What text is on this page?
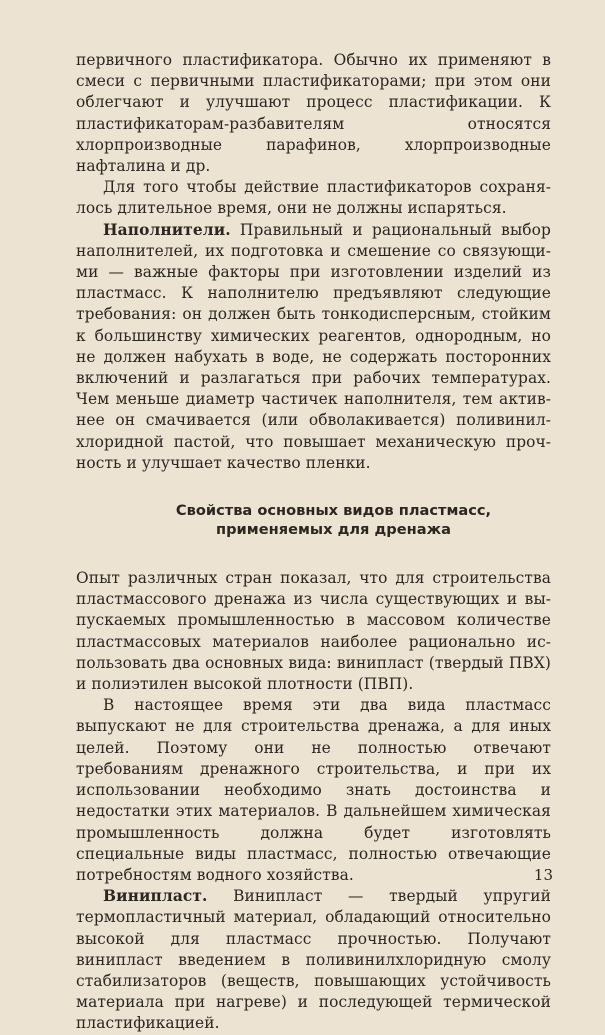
первичного пластификатора. Обычно их применяют в смеси с первичными пластификаторами; при этом они облегчают и улучшают процесс пластификации. К пластификаторам-разбавителям относятся хлорпроизводные парафинов, хлорпроизводные нафталина и др.

Для того чтобы действие пластификаторов сохранялось длительное время, они не должны испаряться.

Наполнители. Правильный и рациональный выбор наполнителей, их подготовка и смешение со связующими — важные факторы при изготовлении изделий из пластмасс. К наполнителю предъявляют следующие требования: он должен быть тонкодисперсным, стойким к большинству химических реагентов, однородным, но не должен набухать в воде, не содержать посторонних включений и разлагаться при рабочих температурах. Чем меньше диаметр частичек наполнителя, тем активнее он смачивается (или обволакивается) поливинилхлоридной пастой, что повышает механическую прочность и улучшает качество пленки.

Свойства основных видов пластмасс,
применяемых для дренажа

Опыт различных стран показал, что для строительства пластмассового дренажа из числа существующих и выпускаемых промышленностью в массовом количестве пластмассовых материалов наиболее рационально использовать два основных вида: винипласт (твердый ПВХ) и полиэтилен высокой плотности (ПВП).

В настоящее время эти два вида пластмасс выпускают не для строительства дренажа, а для иных целей. Поэтому они не полностью отвечают требованиям дренажного строительства, и при их использовании необходимо знать достоинства и недостатки этих материалов. В дальнейшем химическая промышленность должна будет изготовлять специальные виды пластмасс, полностью отвечающие потребностям водного хозяйства.

Винипласт. Винипласт — твердый упругий термопластичный материал, обладающий относительно высокой для пластмасс прочностью. Получают винипласт введением в поливинилхлоридную смолу стабилизаторов (веществ, повышающих устойчивость материала при нагреве) и последующей термической пластификацией.

13
